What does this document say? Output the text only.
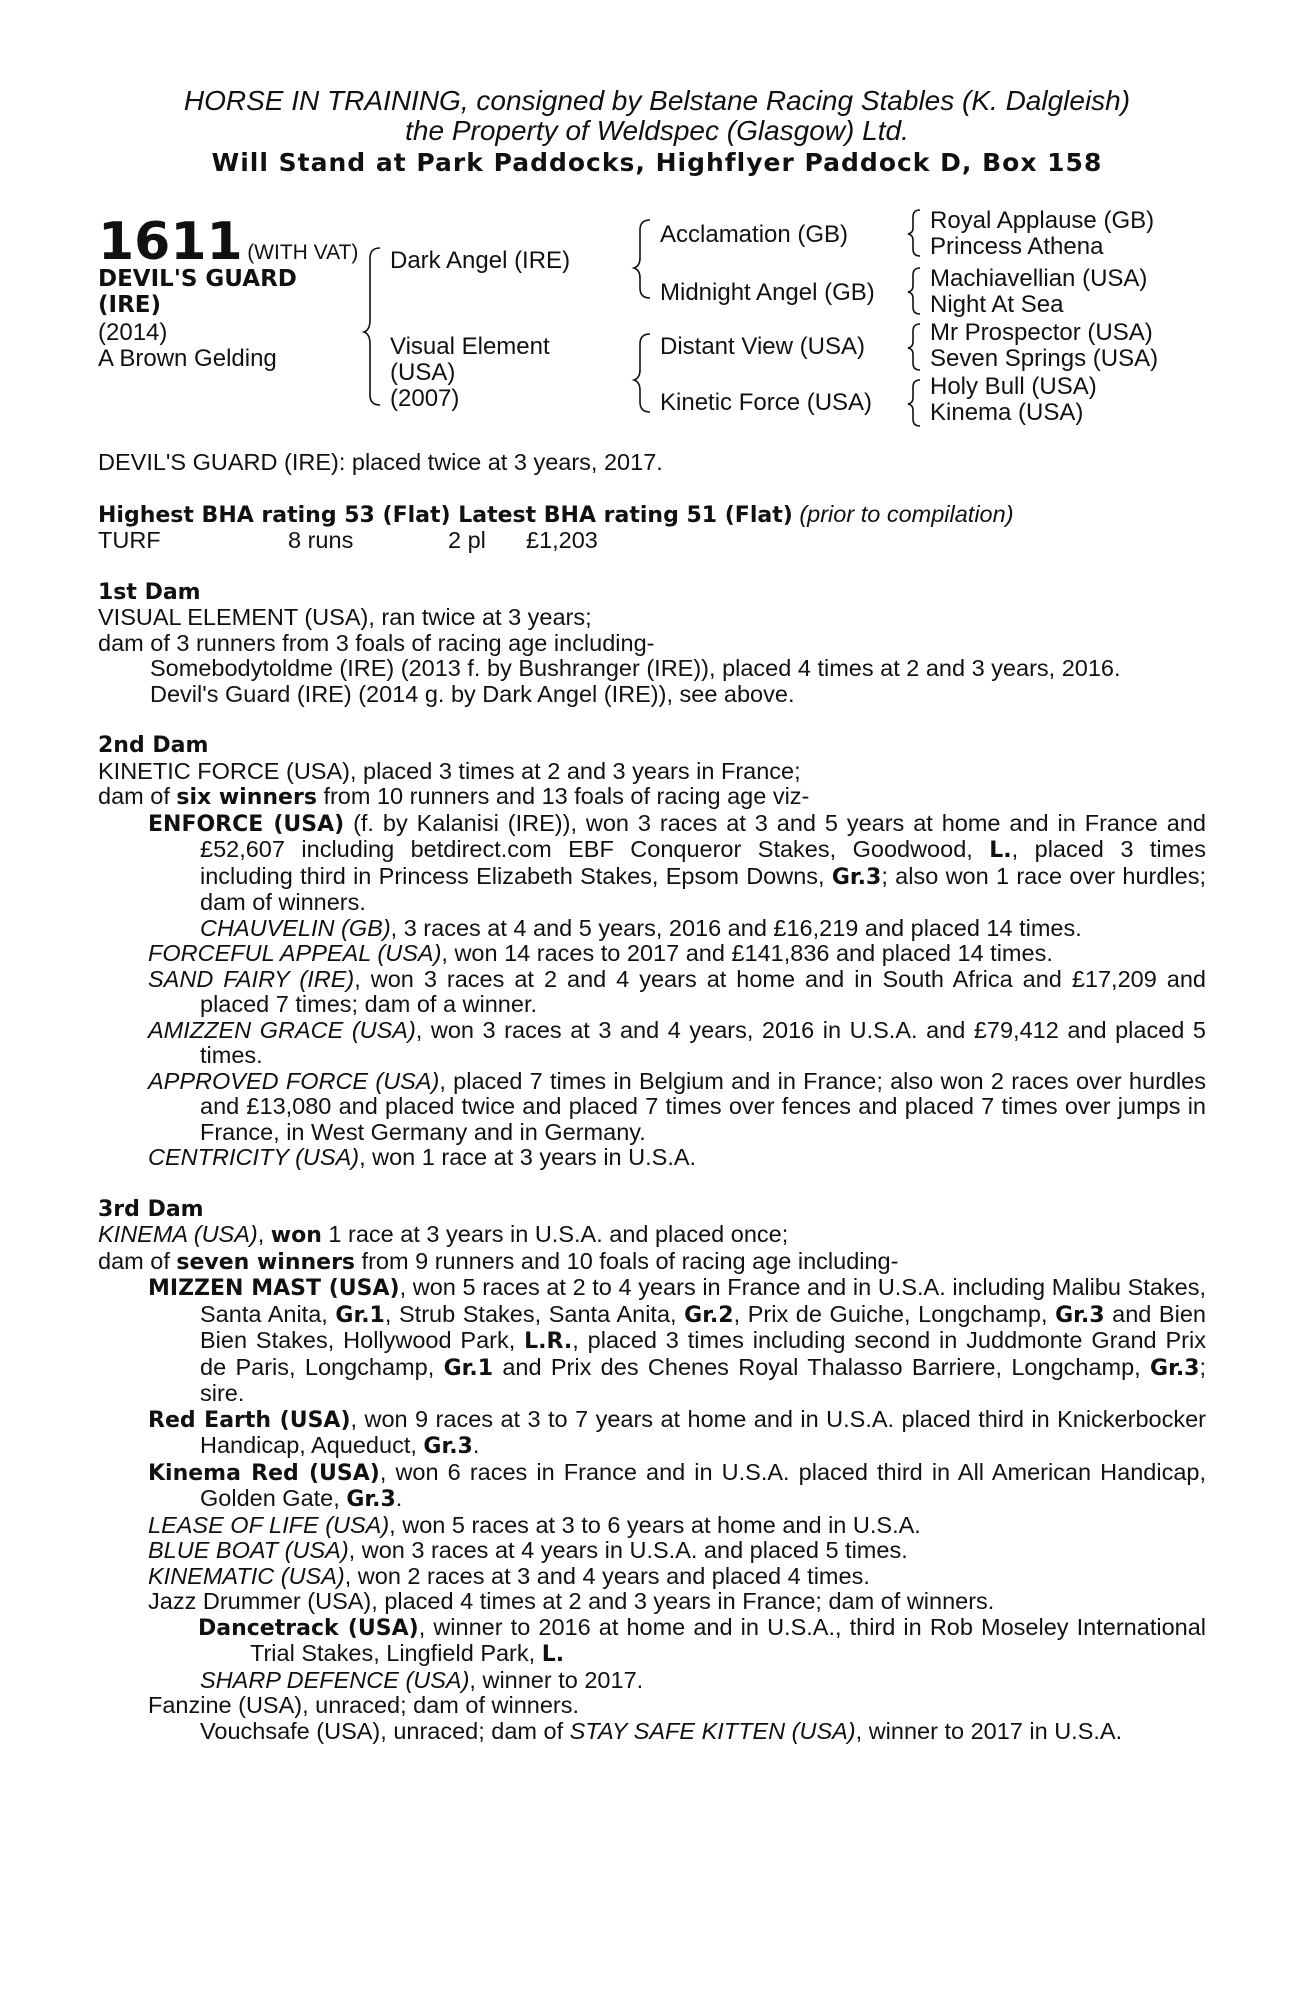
HORSE IN TRAINING, consigned by Belstane Racing Stables (K. Dalgleish)
the Property of Weldspec (Glasgow) Ltd.
Will Stand at Park Paddocks, Highflyer Paddock D, Box 158
1611 (WITH VAT)
DEVIL'S GUARD
(IRE)
(2014)
A Brown Gelding
Dark Angel (IRE)
Visual Element
(USA)
(2007)
Acclamation (GB)
Midnight Angel (GB)
Distant View (USA)
Kinetic Force (USA)
Royal Applause (GB)
Princess Athena
Machiavellian (USA)
Night At Sea
Mr Prospector (USA)
Seven Springs (USA)
Holy Bull (USA)
Kinema (USA)

DEVIL'S GUARD (IRE): placed twice at 3 years, 2017.

Highest BHA rating 53 (Flat) Latest BHA rating 51 (Flat) (prior to compilation)

TURF	8 runs	2 pl	£1,203

1st Dam

VISUAL ELEMENT (USA), ran twice at 3 years;

dam of 3 runners from 3 foals of racing age including-

Somebodytoldme (IRE) (2013 f. by Bushranger (IRE)), placed 4 times at 2 and 3 years, 2016.

Devil's Guard (IRE) (2014 g. by Dark Angel (IRE)), see above.

2nd Dam

KINETIC FORCE (USA), placed 3 times at 2 and 3 years in France;

dam of six winners from 10 runners and 13 foals of racing age viz-

ENFORCE (USA) (f. by Kalanisi (IRE)), won 3 races at 3 and 5 years at home and in France and £52,607 including betdirect.com EBF Conqueror Stakes, Goodwood, L., placed 3 times including third in Princess Elizabeth Stakes, Epsom Downs, Gr.3; also won 1 race over hurdles; dam of winners.

CHAUVELIN (GB), 3 races at 4 and 5 years, 2016 and £16,219 and placed 14 times.

FORCEFUL APPEAL (USA), won 14 races to 2017 and £141,836 and placed 14 times.

SAND FAIRY (IRE), won 3 races at 2 and 4 years at home and in South Africa and £17,209 and placed 7 times; dam of a winner.

AMIZZEN GRACE (USA), won 3 races at 3 and 4 years, 2016 in U.S.A. and £79,412 and placed 5 times.

APPROVED FORCE (USA), placed 7 times in Belgium and in France; also won 2 races over hurdles and £13,080 and placed twice and placed 7 times over fences and placed 7 times over jumps in France, in West Germany and in Germany.

CENTRICITY (USA), won 1 race at 3 years in U.S.A.

3rd Dam

KINEMA (USA), won 1 race at 3 years in U.S.A. and placed once;

dam of seven winners from 9 runners and 10 foals of racing age including-

MIZZEN MAST (USA), won 5 races at 2 to 4 years in France and in U.S.A. including Malibu Stakes, Santa Anita, Gr.1, Strub Stakes, Santa Anita, Gr.2, Prix de Guiche, Longchamp, Gr.3 and Bien Bien Stakes, Hollywood Park, L.R., placed 3 times including second in Juddmonte Grand Prix de Paris, Longchamp, Gr.1 and Prix des Chenes Royal Thalasso Barriere, Longchamp, Gr.3; sire.

Red Earth (USA), won 9 races at 3 to 7 years at home and in U.S.A. placed third in Knickerbocker Handicap, Aqueduct, Gr.3.

Kinema Red (USA), won 6 races in France and in U.S.A. placed third in All American Handicap, Golden Gate, Gr.3.

LEASE OF LIFE (USA), won 5 races at 3 to 6 years at home and in U.S.A.

BLUE BOAT (USA), won 3 races at 4 years in U.S.A. and placed 5 times.

KINEMATIC (USA), won 2 races at 3 and 4 years and placed 4 times.

Jazz Drummer (USA), placed 4 times at 2 and 3 years in France; dam of winners.

Dancetrack (USA), winner to 2016 at home and in U.S.A., third in Rob Moseley International Trial Stakes, Lingfield Park, L.

SHARP DEFENCE (USA), winner to 2017.

Fanzine (USA), unraced; dam of winners.

Vouchsafe (USA), unraced; dam of STAY SAFE KITTEN (USA), winner to 2017 in U.S.A.
